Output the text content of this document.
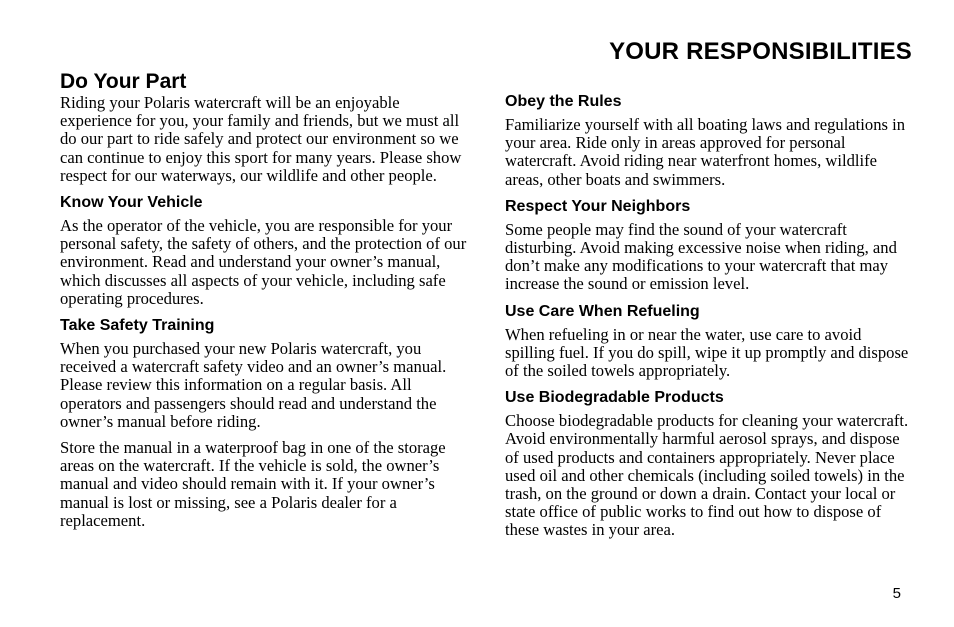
YOUR RESPONSIBILITIES
Do Your Part

Riding your Polaris watercraft will be an enjoyable experience for you, your family and friends, but we must all do our part to ride safely and protect our environment so we can continue to enjoy this sport for many years. Please show respect for our waterways, our wildlife and other people.

Know Your Vehicle

As the operator of the vehicle, you are responsible for your personal safety, the safety of others, and the protection of our environment. Read and understand your owner’s manual, which discusses all aspects of your vehicle, including safe operating procedures.

Take Safety Training

When you purchased your new Polaris watercraft, you received a watercraft safety video and an owner’s manual. Please review this information on a regular basis. All operators and passengers should read and understand the owner’s manual before riding.

Store the manual in a waterproof bag in one of the storage areas on the watercraft. If the vehicle is sold, the owner’s manual and video should remain with it. If your owner’s manual is lost or missing, see a Polaris dealer for a replacement.

Obey the Rules

Familiarize yourself with all boating laws and regulations in your area. Ride only in areas approved for personal watercraft. Avoid riding near waterfront homes, wildlife areas, other boats and swimmers.

Respect Your Neighbors

Some people may find the sound of your watercraft disturbing. Avoid making excessive noise when riding, and don’t make any modifications to your watercraft that may increase the sound or emission level.

Use Care When Refueling

When refueling in or near the water, use care to avoid spilling fuel. If you do spill, wipe it up promptly and dispose of the soiled towels appropriately.

Use Biodegradable Products

Choose biodegradable products for cleaning your watercraft. Avoid environmentally harmful aerosol sprays, and dispose of used products and containers appropriately. Never place used oil and other chemicals (including soiled towels) in the trash, on the ground or down a drain. Contact your local or state office of public works to find out how to dispose of these wastes in your area.

5
